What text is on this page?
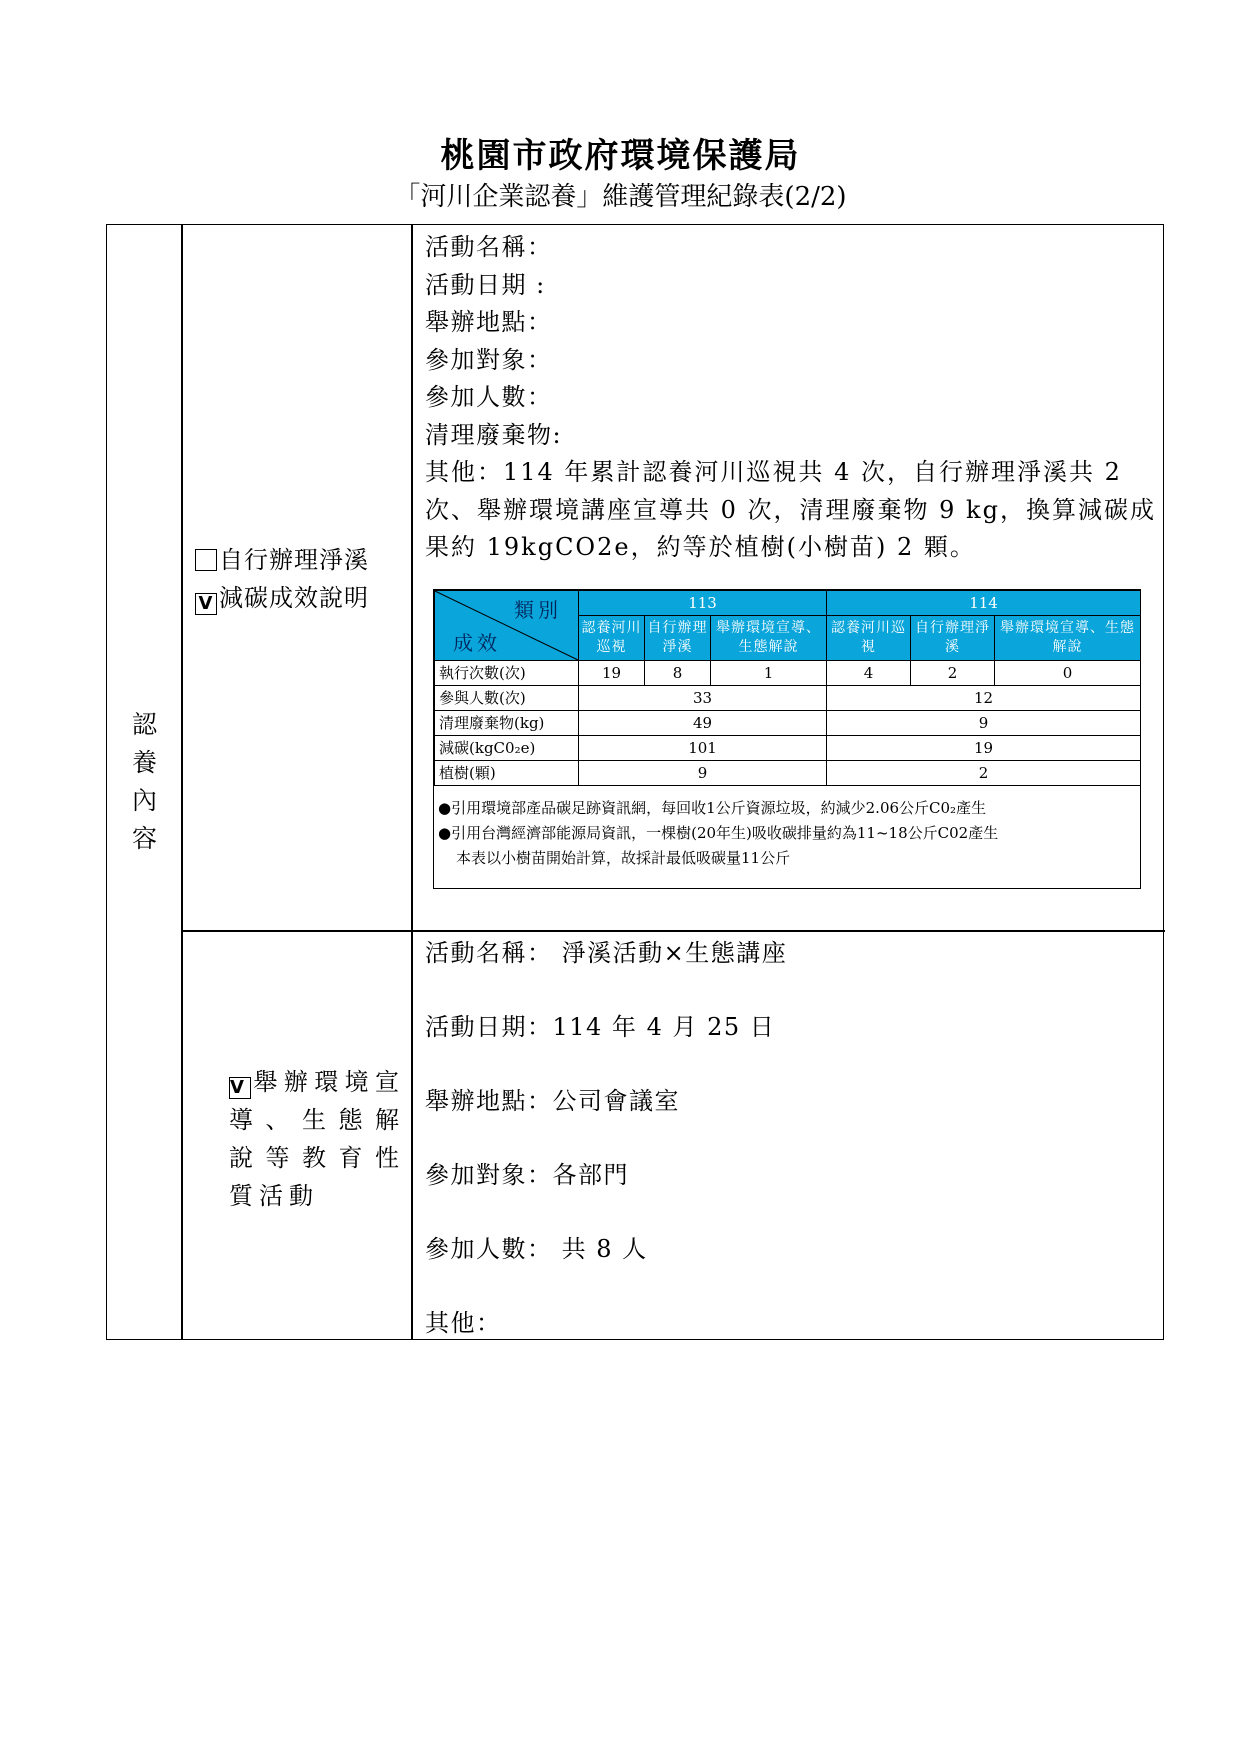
桃園市政府環境保護局
「河川企業認養」維護管理紀錄表(2/2)
認養內容
自行辦理淨溪
V 減碳成效說明
活動名稱：
活動日期 :
舉辦地點：
參加對象：
參加人數：
清理廢棄物:
其他：114 年累計認養河川巡視共 4 次，自行辦理淨溪共 2 次、舉辦環境講座宣導共 0 次，清理廢棄物 9 kg，換算減碳成果約 19kgCO2e，約等於植樹(小樹苗) 2 顆。
類別
成效	113			114		
	認養河川巡視	自行辦理淨溪	舉辦環境宣導、生態解說	認養河川巡視	自行辦理淨溪	舉辦環境宣導、生態解說
執行次數(次)	19	8	1	4	2	0
參與人數(次)	33			12		
清理廢棄物(kg)	49			9		
減碳(kgC0₂e)	101			19		
植樹(顆)	9			2		
●引用環境部產品碳足跡資訊網，每回收1公斤資源垃圾，約減少2.06公斤C0₂產生
●引用台灣經濟部能源局資訊，一棵樹(20年生)吸收碳排量約為11~18公斤C02產生
本表以小樹苗開始計算，故採計最低吸碳量11公斤
V 舉辦環境宣導、生態解說等教育性質活動
活動名稱： 淨溪活動×生態講座
活動日期：114 年 4 月 25 日
舉辦地點：公司會議室
參加對象：各部門
參加人數： 共 8 人
其他：
